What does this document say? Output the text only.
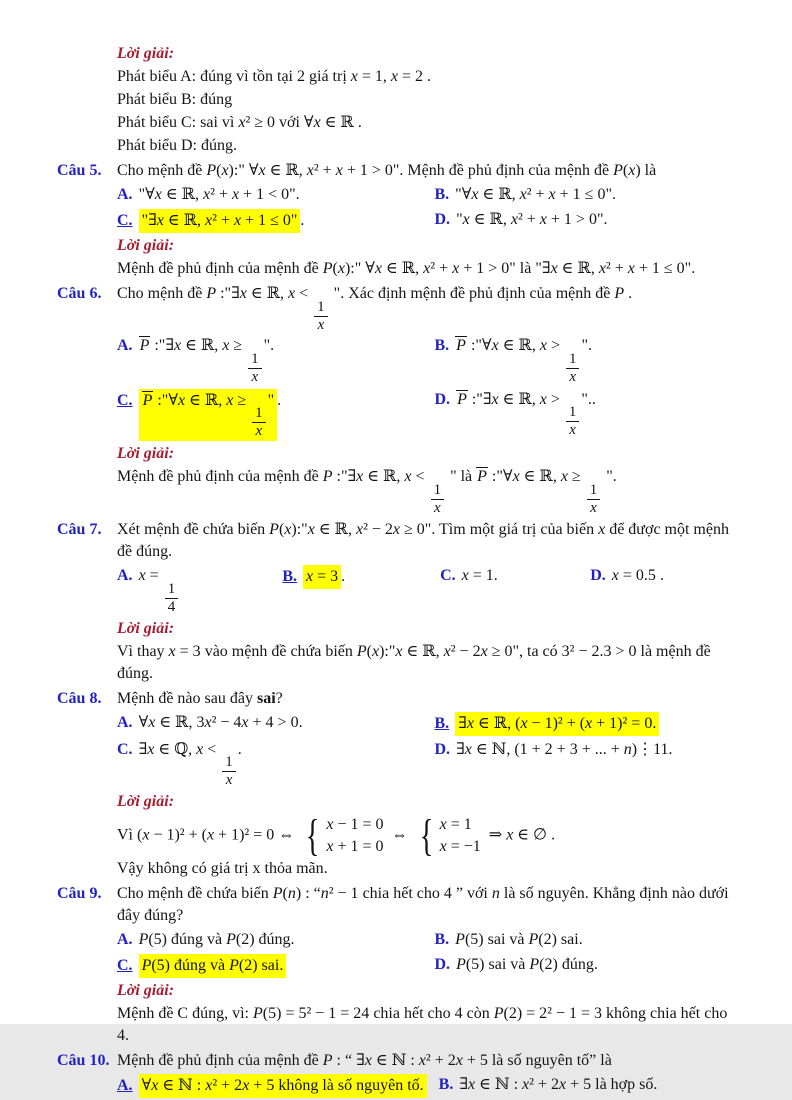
Lời giải:
Phát biểu A: đúng vì tồn tại 2 giá trị x = 1, x = 2 .
Phát biểu B: đúng
Phát biểu C: sai vì x² ≥ 0 với ∀x ∈ ℝ .
Phát biểu D: đúng.
Câu 5. Cho mệnh đề P(x):" ∀x ∈ ℝ, x² + x + 1 > 0". Mệnh đề phủ định của mệnh đề P(x) là
A. "∀x ∈ ℝ, x² + x + 1 < 0".	B. "∀x ∈ ℝ, x² + x + 1 ≤ 0".
C. "∃x ∈ ℝ, x² + x + 1 ≤ 0" .	D. "x ∈ ℝ, x² + x + 1 > 0".
Lời giải:
Mệnh đề phủ định của mệnh đề P(x):" ∀x ∈ ℝ, x² + x + 1 > 0" là "∃x ∈ ℝ, x² + x + 1 ≤ 0".
Câu 6. Cho mệnh đề P :"∃x ∈ ℝ, x <
$\frac{1}{x}$
". Xác định mệnh đề phủ định của mệnh đề P .
A. P :"∃x ∈ ℝ, x ≥
$\frac{1}{x}$
".	B. P :"∀x ∈ ℝ, x >
$\frac{1}{x}$
".
C. P :"∀x ∈ ℝ, x ≥
$\frac{1}{x}$
" .	D. P :"∃x ∈ ℝ, x >
$\frac{1}{x}$
"..
Lời giải:
Mệnh đề phủ định của mệnh đề P :"∃x ∈ ℝ, x <
$\frac{1}{x}$
" là P :"∀x ∈ ℝ, x ≥
$\frac{1}{x}$
".
Câu 7. Xét mệnh đề chứa biến P(x):"x ∈ ℝ, x² − 2x ≥ 0". Tìm một giá trị của biến x để được một mệnh đề đúng.
A. x =
$\frac{1}{4}$
B. x = 3 .	C. x = 1.	D. x = 0.5 .
Lời giải:
Vì thay x = 3 vào mệnh đề chứa biến P(x):"x ∈ ℝ, x² − 2x ≥ 0", ta có 3² − 2.3 > 0 là mệnh đề đúng.
Câu 8. Mệnh đề nào sau đây sai?
A. ∀x ∈ ℝ, 3x² − 4x + 4 > 0.	B. ∃x ∈ ℝ, (x − 1)² + (x + 1)² = 0.
C. ∃x ∈ ℚ, x <
$\frac{1}{x}$
.	D. ∃x ∈ ℕ, (1 + 2 + 3 + ... + n)⋮11.
Lời giải:
Vì (x − 1)² + (x + 1)² = 0 ⇔ { x − 1 = 0
x + 1 = 0
⇔ { x = 1
x = −1
⇒ x ∈ ∅ .
Vậy không có giá trị x thỏa mãn.
Câu 9. Cho mệnh đề chứa biến P(n) : “n² − 1 chia hết cho 4 ” với n là số nguyên. Khẳng định nào dưới đây đúng?
A. P(5) đúng và P(2) đúng.	B. P(5) sai và P(2) sai.
C. P(5) đúng và P(2) sai.	D. P(5) sai và P(2) đúng.
Lời giải:
Mệnh đề C đúng, vì: P(5) = 5² − 1 = 24 chia hết cho 4 còn P(2) = 2² − 1 = 3 không chia hết cho 4.
Câu 10. Mệnh đề phủ định của mệnh đề P : “ ∃x ∈ ℕ : x² + 2x + 5 là số nguyên tố” là
A. ∀x ∈ ℕ : x² + 2x + 5 không là số nguyên tố. B. ∃x ∈ ℕ : x² + 2x + 5 là hợp số.
